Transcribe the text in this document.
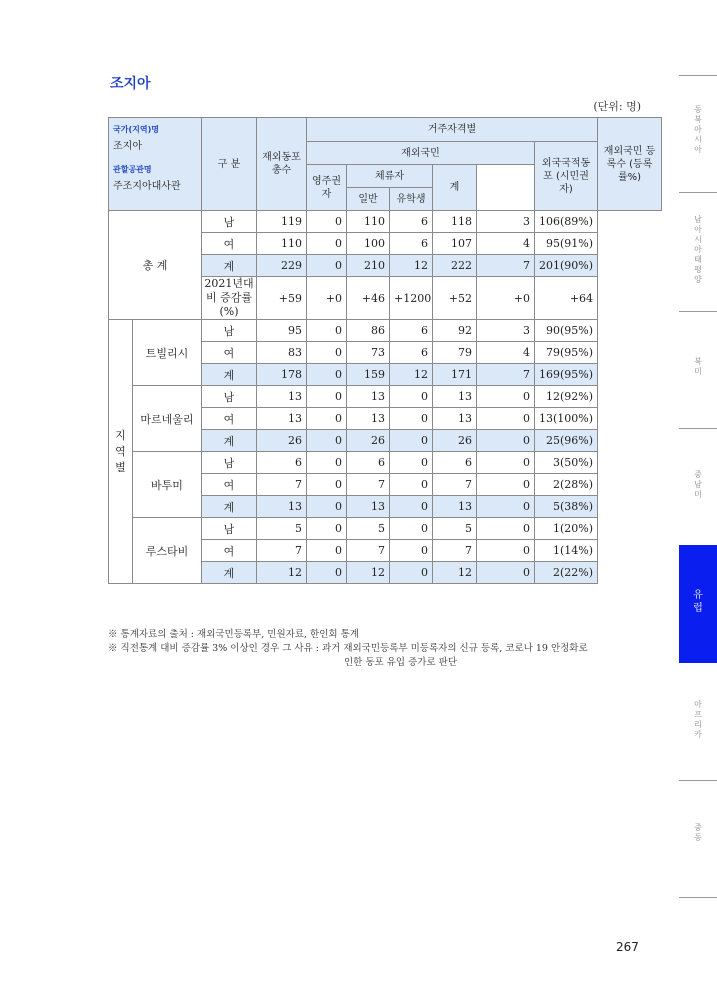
조지아
(단위: 명)
국가(지역)명
조지아
관할공관명
주조지아대사관		구 분	재외동포 총수	거주자격별						재외국민 등록수 (등록률%)
				재외국민					외국국적동포 (시민권자)	
				영주권자	체류자		계			
					일반	유학생				

총 계		남	119	0	110	6	118	3	106(89%)	
		여	110	0	100	6	107	4	95(91%)	
		계	229	0	210	12	222	7	201(90%)	
		2021년대비 증감률(%)	+59	+0	+46	+1200	+52	+0	+64	
지 역 별	트빌리시	남	95	0	86	6	92	3	90(95%)	
		여	83	0	73	6	79	4	79(95%)	
		계	178	0	159	12	171	7	169(95%)	
	마르네울리	남	13	0	13	0	13	0	12(92%)	
		여	13	0	13	0	13	0	13(100%)	
		계	26	0	26	0	26	0	25(96%)	
	바투미	남	6	0	6	0	6	0	3(50%)	
		여	7	0	7	0	7	0	2(28%)	
		계	13	0	13	0	13	0	5(38%)	
	루스타비	남	5	0	5	0	5	0	1(20%)	
		여	7	0	7	0	7	0	1(14%)	
		계	12	0	12	0	12	0	2(22%)	
※ 통계자료의 출처 : 재외국민등록부, 민원자료, 한인회 통계
※ 직전통계 대비 증감률 3% 이상인 경우 그 사유 : 과거 재외국민등록부 미등록자의 신규 등록, 코로나 19 안정화로
인한 동포 유입 증가로 판단
동북아시아
남아시아태평양
북미
중남미
유럽
아프리카
중동
267
